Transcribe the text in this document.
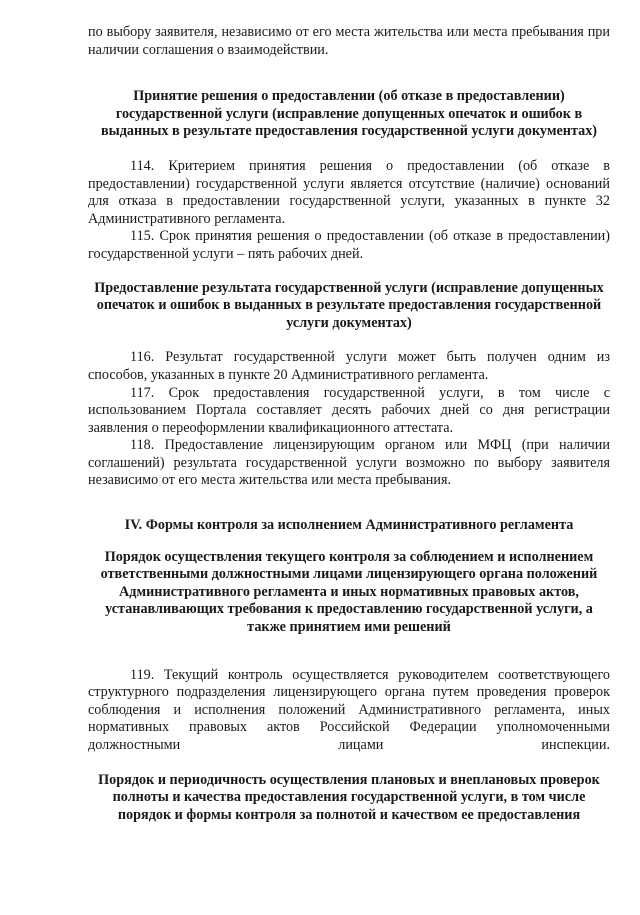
по выбору заявителя, независимо от его места жительства или места пребывания при наличии соглашения о взаимодействии.

Принятие решения о предоставлении (об отказе в предоставлении) государственной услуги (исправление допущенных опечаток и ошибок в выданных в результате предоставления государственной услуги документах)

114. Критерием принятия решения о предоставлении (об отказе в предоставлении) государственной услуги является отсутствие (наличие) оснований для отказа в предоставлении государственной услуги, указанных в пункте 32 Административного регламента.

115. Срок принятия решения о предоставлении (об отказе в предоставлении) государственной услуги – пять рабочих дней.

Предоставление результата государственной услуги (исправление допущенных опечаток и ошибок в выданных в результате предоставления государственной услуги документах)

116. Результат государственной услуги может быть получен одним из способов, указанных в пункте 20 Административного регламента.

117. Срок предоставления государственной услуги, в том числе с использованием Портала составляет десять рабочих дней со дня регистрации заявления о переоформлении квалификационного аттестата.

118. Предоставление лицензирующим органом или МФЦ (при наличии соглашений) результата государственной услуги возможно по выбору заявителя независимо от его места жительства или места пребывания.

IV. Формы контроля за исполнением Административного регламента
Порядок осуществления текущего контроля за соблюдением и исполнением ответственными должностными лицами лицензирующего органа положений Административного регламента и иных нормативных правовых актов, устанавливающих требования к предоставлению государственной услуги, а также принятием ими решений

119. Текущий контроль осуществляется руководителем соответствующего структурного подразделения лицензирующего органа путем проведения проверок соблюдения и исполнения положений Административного регламента, иных нормативных правовых актов Российской Федерации уполномоченными должностными лицами инспекции.

Порядок и периодичность осуществления плановых и внеплановых проверок полноты и качества предоставления государственной услуги, в том числе порядок и формы контроля за полнотой и качеством ее предоставления
